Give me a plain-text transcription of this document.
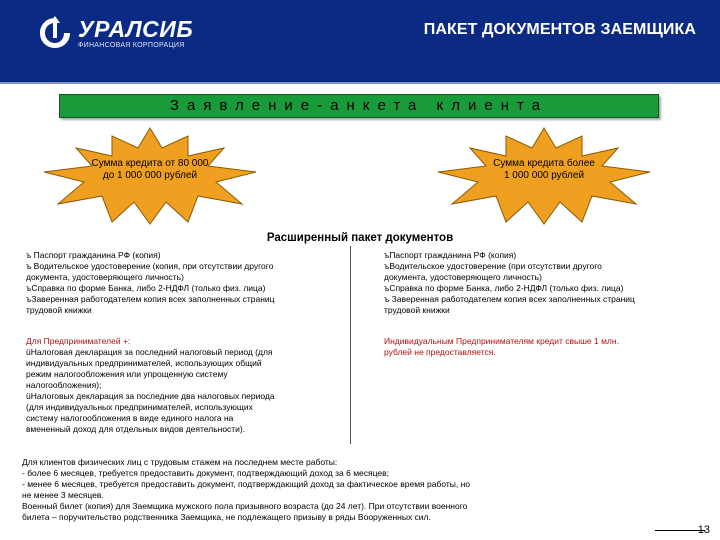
УРАЛСИБ
ФИНАНСОВАЯ КОРПОРАЦИЯ
ПАКЕТ ДОКУМЕНТОВ ЗАЕМЩИКА
Заявление-анкета клиента
Сумма кредита от 80 000
до 1 000 000 рублей
Сумма кредита более
1 000 000 рублей
Расширенный пакет документов
ъ Паспорт гражданина РФ (копия)
ъ Водительское удостоверение (копия, при отсутствии другого
документа, удостоверяющего личность)
ъСправка по форме Банка, либо 2-НДФЛ (только физ. лица)
ъЗаверенная работодателем копия всех заполненных страниц
трудовой книжки
Для Предпринимателей +:
üНалоговая декларация за последний налоговый период (для
индивидуальных предпринимателей, использующих общий
режим налогообложения или упрощенную систему
налогообложения);
üНалоговых декларация за последние два налоговых периода
(для индивидуальных предпринимателей, использующих
систему налогообложения в виде единого налога на
вмененный доход для отдельных видов деятельности).
ъПаспорт гражданина РФ (копия)
ъВодительское удостоверение (при отсутствии другого
документа, удостоверяющего личность)
ъСправка по форме Банка, либо 2-НДФЛ (только физ. лица)
ъ Заверенная работодателем копия всех заполненных страниц
трудовой книжки
Индивидуальным Предпринимателям кредит свыше 1 млн.
рублей не предоставляется.
Для клиентов физических лиц с трудовым стажем на последнем месте работы:
- более 6 месяцев, требуется предоставить документ, подтверждающий доход за 6 месяцев;
- менее 6 месяцев, требуется предоставить документ, подтверждающий доход за фактическое время работы, но
не менее 3 месяцев.
Военный билет (копия) для Заемщика мужского пола призывного возраста (до 24 лет). При отсутствии военного
билета – поручительство родственника Заемщика, не подлежащего призыву в ряды Вооруженных сил.
13
